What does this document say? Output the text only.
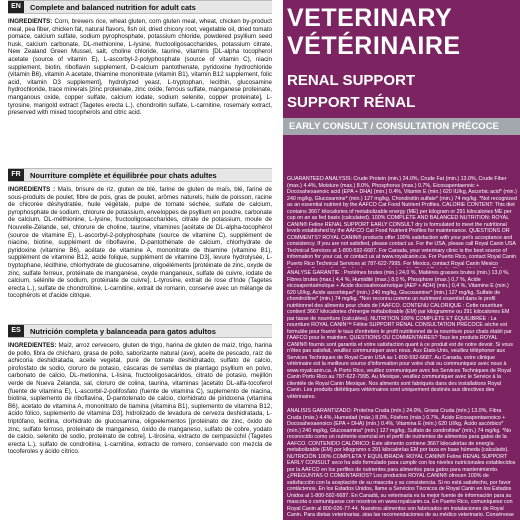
EN	Complete and balanced nutrition for adult cats
INGREDIENTS: Corn, brewers rice, wheat gluten, corn gluten meal, wheat, chicken by-product meal, pea fiber, chicken fat, natural flavors, fish oil, dried chicory root, vegetable oil, dried tomato pomace, calcium sulfate, sodium pyrophosphate, potassium chloride, powdered psyllium seed husk, calcium carbonate, DL-methionine, L-lysine, fructooligosaccharides, potassium citrate, New Zealand Green Mussel, salt, choline chloride, taurine, vitamins [DL-alpha tocopherol acetate (source of vitamin E), L-ascorbyl-2-polyphosphate (source of vitamin C), niacin supplement, biotin, riboflavin supplement, D-calcium pantothenate, pyridoxine hydrochloride (vitamin B6), vitamin A acetate, thiamine mononitrate (vitamin B1), vitamin B12 supplement, folic acid, vitamin D3 supplement], hydrolyzed yeast, L-tryptophan, lecithin, glucosamine hydrochloride, trace minerals [zinc proteinate, zinc oxide, ferrous sulfate, manganese proteinate, manganous oxide, copper sulfate, calcium iodate, sodium selenite, copper proteinate], L-tyrosine, marigold extract (Tagetes erecta L.), chondroitin sulfate, L-carnitine, rosemary extract, preserved with mixed tocopherols and citric acid.
FR	Nourriture complète et équilibrée pour chats adultes
INGRÉDIENTS : Maïs, brisure de riz, gluten de blé, farine de gluten de maïs, blé, farine de sous-produits de poulet, fibre de pois, gras de poulet, arômes naturels, huile de poisson, racine de chicorée déshydratée, huile végétale, pulpe de tomate séchée, sulfate de calcium, pyrophosphate de sodium, chlorure de potassium, enveloppes de psyllium en poudre, carbonate de calcium, DL-méthionine, L-lysine, fructooligosaccharides, citrate de potassium, moule de Nouvelle-Zélande, sel, chlorure de choline, taurine, vitamines [acétate de DL-alpha-tocophérol (source de vitamine E), L-ascorbyl-2-polyphosphate (source de vitamine C), supplément de niacine, biotine, supplément de riboflavine, D-pantothénate de calcium, chlorhydrate de pyridoxine (vitamine B6), acétate de vitamine A, mononitrate de thiamine (vitamine B1), supplément de vitamine B12, acide folique, supplément de vitamine D3], levure hydrolysée, L-tryptophane, lécithine, chlorhydrate de glucosamine, oligoéléments [protéinate de zinc, oxyde de zinc, sulfate ferreux, protéinate de manganèse, oxyde manganeux, sulfate de cuivre, iodate de calcium, sélénite de sodium, protéinate de cuivre], L-tyrosine, extrait de rose d'Inde (Tagetes erecta L.), sulfate de chondroïtine, L-carnitine, extrait de romarin, conservé avec un mélange de tocophérols et d'acide citrique.
ES	Nutrición completa y balanceada para gatos adultos
INGREDIENTES: Maíz, arroz cervecero, gluten de trigo, harina de gluten de maíz, trigo, harina de pollo, fibra de chícharo, grasa de pollo, saborizante natural (ave), aceite de pescado, raíz de achicoria deshidratada, aceite vegetal, puré de tomate deshidratado, sulfato de calcio, pirofosfato de sodio, cloruro de potasio, cáscaras de semillas de plantago psyllium en polvo, carbonato de calcio, DL-metionina, L-lisina, fructooligosacáridos, citrato de potasio, mejillón verde de Nueva Zelanda, sal, cloruro de colina, taurina, vitaminas [acetato DL-alfa-tocoferol (fuente de vitamina E), L-ascorbil-2-polifosfato (fuente de vitamina C), suplemento de niacina, biotina, suplemento de riboflavina, D-pantotenato de calcio, clorhidrato de piridoxina (vitamina B6), acetato de vitamina A, mononitrato de tiamina (vitamina B1), suplemento de vitamina B12, ácido fólico, suplemento de vitamina D3], hidrolizado de levadura de cerveza deshidratada, L-triptófano, lecitina, clorhidrato de glucosamina, oligoelementos [proteinato de zinc, óxido de zinc, sulfato ferroso, proteinato de manganeso, óxido de manganeso, sulfato de cobre, yodato de calcio, selenito de sodio, proteinato de cobre], L-tirosina, extracto de cempasúchil (Tagetes erecta L.), sulfato de condroitina, L-carnitina, extracto de romero, conservado con mezcla de tocoferoles y ácido cítrico.
VETERINARY
VÉTÉRINAIRE
RENAL SUPPORT
SUPPORT RÉNAL
EARLY CONSULT / CONSULTATION PRÉCOCE
GUARANTEED ANALYSIS: Crude Protein (min.) 24.0%, Crude Fat (min.) 13.0%, Crude Fiber (max.) 4.4%, Moisture (max.) 8.0%, Phosphorus (max.) 0.7%, Eicosapentaenoic + Docosahexaenoic acid (EPA + DHA) (min.) 0.4%, Vitamin E (min.) 620 IU/kg, Ascorbic acid* (min.) 240 mg/kg, Glucosamine* (min.) 127 mg/kg, Chondroitin sulfate* (min.) 74 mg/kg. *Not recognized as an essential nutrient by the AAFCO Cat Food Nutrient Profiles. CALORIE CONTENT: This diet contains 3667 kilocalories of metabolizable energy (ME) per kilogram or 291 kilocalories ME per cup on an as fed basis (calculated). 100% COMPLETE AND BALANCED NUTRITION: ROYAL CANIN® Feline RENAL SUPPORT EARLY CONSULT dry is formulated to meet the nutritional levels established by the AAFCO Cat Food Nutrient Profiles for maintenance. QUESTIONS OR COMMENTS? ROYAL CANIN® products offer 100% satisfaction with your pet's acceptance and consistency. If you are not satisfied, please contact us. For the USA, please call Royal Canin USA Technical Services at 1-800-592-6687. For Canada, your veterinary clinic is the best source of information for your cat, or contact us at www.royalcanin.ca. For Puerto Rico, contact Royal Canin Puerto Rico Technical Services at 787-622-7995. For Mexico, contact Royal Canin Mexico
ANALYSE GARANTIE : Protéines brutes (min.) 24,0 %, Matières grasses brutes (min.) 13,0 %, Fibres brutes (max.) 4,4 %, Humidité (max.) 8,0 %, Phosphore (max.) 0,7 %, Acide eicosapentaénoïque + Acide docosahexaénoïque (AEP + ADH) (min.) 0,4 %, Vitamine E (min.) 620 UI/kg, Acide ascorbique* (min.) 240 mg/kg, Glucosamine* (min.) 127 mg/kg, Sulfate de chondroïtine* (min.) 74 mg/kg. *Non reconnu comme un nutriment essentiel dans le profil nutritionnel des aliments pour chats de l'AAFCO. CONTENU CALORIQUE : Cette nourriture contient 3667 kilocalories d'énergie métabolisable (EM) par kilogramme ou 291 kilocalories EM par tasse de nourriture (calculées). NUTRITION 100% COMPLÈTE ET ÉQUILIBRÉE : La nourriture ROYAL CANIN™ Féline SUPPORT RÉNAL CONSULTATION PRÉCOCE sèche est formulée pour fournir le taux d'entretien le profil nutritionnel de la nourriture pour chats établi par l'AAFCO pour le maintien. QUESTIONS OU COMMENTAIRES? Tous les produits ROYAL CANIN® fournis sont garantis et votre satisfaction quant à ce produit est de notre devoir. Si vous n'êtes pas satisfait, veuillez communiquer avec nous. Aux États-Unis, veuillez téléphoner aux Services Techniques de Royal Canin USA au 1-800-592-6687. Au Canada, votre clinique vétérinaire est la meilleure source d'information pour votre chat ou communiquez avec nous à www.royalcanin.ca. À Porto Rico, veuillez communiquer avec les Services Techniques de Royal Canin Porto Rico au 787-622-7995. Au Mexique, veuillez communiquer avec le Service à la clientèle de Royal Canin Mexique. Nos aliments sont fabriqués dans des installations Royal Canin. Les produits diététiques vétérinaires sont uniquement destinés aux directives des vétérinaires.
ANÁLISIS GARANTIZADO: Proteína Cruda (mín.) 24.0%, Grasa Cruda (mín.) 13.0%, Fibra Cruda (máx.) 4.4%, Humedad (máx.) 8.0%, Fósforo (máx.) 0.7%, Ácido Eicosapentaenoico + Docosahexaenoico (EPA + DHA) (mín.) 0.4%, Vitamina E (mín.) 620 UI/kg, Ácido ascórbico* (mín.) 240 mg/kg, Glucosamina* (mín.) 127 mg/kg, Sulfato de condroitina* (mín.) 74 mg/kg. *No reconocido como un nutriente esencial en el perfil de nutrientes de alimentos para gatos de la AAFCO. CONTENIDO CALÓRICO: Este alimento contiene 3667 kilocalorías de energía metabolizable (EM) por kilogramo o 291 kilocalorías EM por taza en base húmeda (calculado). NUTRICIÓN 100% COMPLETA Y EQUILIBRADA: ROYAL CANIN® Feline RENAL SUPPORT EARLY CONSULT seco ha sido formulado para cumplir con los niveles nutricionales establecidos por la AAFCO en los perfiles de nutrientes para alimentos para gatos para mantenimiento. ¿PREGUNTAS O COMENTARIOS? Los productos ROYAL CANIN® ofrecen 100% de satisfacción con la aceptación de su mascota y su consistencia. Si no está satisfecho, por favor contáctenos. En los Estados Unidos, llame a Servicios Técnicos de Royal Canin en los Estados Unidos al 1-800-592-6687. En Canadá, su veterinaria es la mejor fuente de información para su mascota o comuníquese con nosotros en www.royalcanin.ca. En Puerto Rico, comuníquese con Royal Canin al 800-026-77-44. Nuestros alimentos son fabricados en instalaciones de Royal Canin. Para dietas veterinarias, siga las recomendaciones de su médico veterinario. Consérvese
